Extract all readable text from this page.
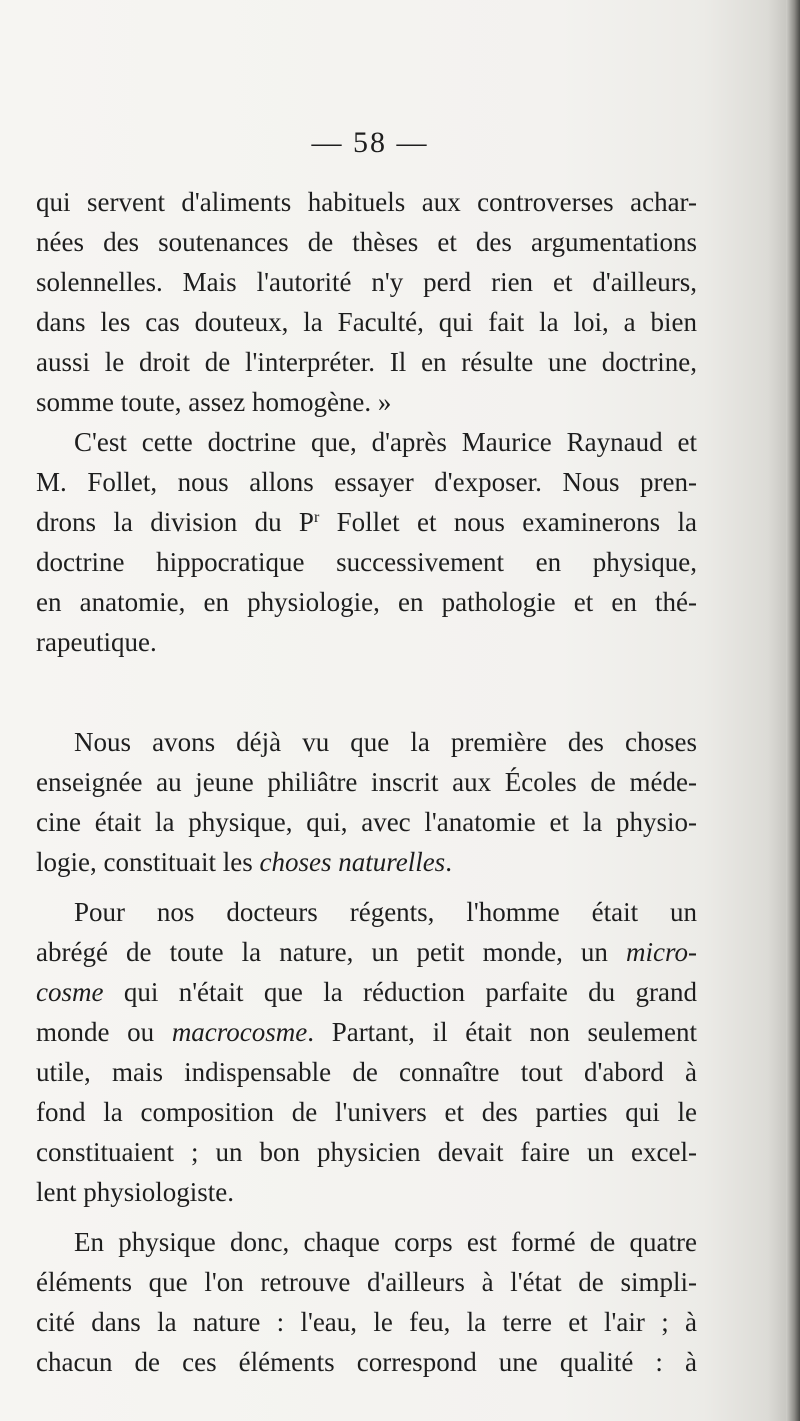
— 58 —
qui servent d'aliments habituels aux controverses achar-
nées des soutenances de thèses et des argumentations
solennelles. Mais l'autorité n'y perd rien et d'ailleurs,
dans les cas douteux, la Faculté, qui fait la loi, a bien
aussi le droit de l'interpréter. Il en résulte une doctrine,
somme toute, assez homogène. »
C'est cette doctrine que, d'après Maurice Raynaud et
M. Follet, nous allons essayer d'exposer. Nous pren-
drons la division du $P^r$ Follet et nous examinerons la
doctrine hippocratique successivement en physique,
en anatomie, en physiologie, en pathologie et en thé-
rapeutique.
Nous avons déjà vu que la première des choses
enseignée au jeune philiâtre inscrit aux Écoles de méde-
cine était la physique, qui, avec l'anatomie et la physio-
logie, constituait les choses naturelles.
Pour nos docteurs régents, l'homme était un
abrégé de toute la nature, un petit monde, un micro-
cosme qui n'était que la réduction parfaite du grand
monde ou macrocosme. Partant, il était non seulement
utile, mais indispensable de connaître tout d'abord à
fond la composition de l'univers et des parties qui le
constituaient ; un bon physicien devait faire un excel-
lent physiologiste.
En physique donc, chaque corps est formé de quatre
éléments que l'on retrouve d'ailleurs à l'état de simpli-
cité dans la nature : l'eau, le feu, la terre et l'air ; à
chacun de ces éléments correspond une qualité : à
